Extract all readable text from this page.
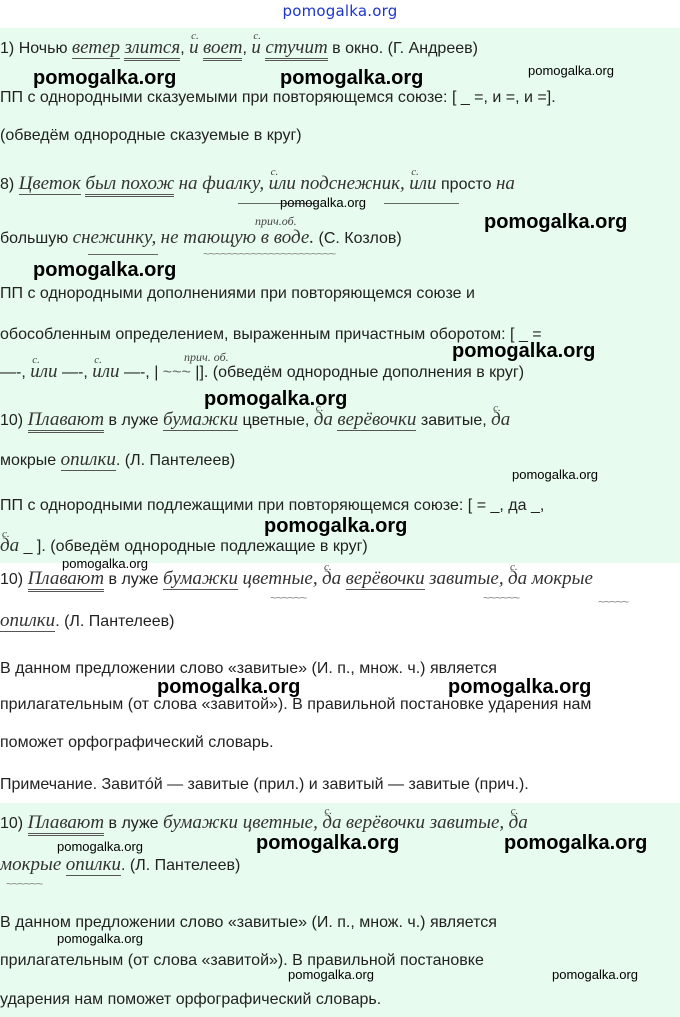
pomogalka.org
1) Ночью ветер злится, с. и воет, с. и стучит в окно. (Г. Андреев)
ПП с однородными сказуемыми при повторяющемся союзе: [ _ =, и =, и =].
(обведём однородные сказуемые в круг)
8) Цветок был похож на фиалку, с. или подснежник, с. или просто на
прич.об.
большую снежинку, не тающую в воде. (С. Козлов)
~~~~~~~~~~~~~~~~~~~~~~
ПП с однородными дополнениями при повторяющемся союзе и
обособленным определением, выраженным причастным оборотом: [ _ =
прич. об.
—-, с. или —-, с. или —-, | ~~~ |]. (обведём однородные дополнения в круг)
10) Плавают в луже бумажки цветные, с. да верёвочки завитые, с. да
мокрые опилки. (Л. Пантелеев)
ПП с однородными подлежащими при повторяющемся союзе: [ = _, да _,
с. да _ ]. (обведём однородные подлежащие в круг)
10) Плавают в луже бумажки цветные, с. да верёвочки завитые, с. да мокрые
~~~~~~	~~~~~~	~~~~~
опилки. (Л. Пантелеев)
В данном предложении слово «завитые» (И. п., множ. ч.) является
прилагательным (от слова «завитой»). В правильной постановке ударения нам
поможет орфографический словарь.
Примечание. Завитóй — завитые (прил.) и завитый — завитые (прич.).
10) Плавают в луже бумажки цветные, с. да верёвочки завитые, с. да
мокрые опилки. (Л. Пантелеев)
~~~~~~
В данном предложении слово «завитые» (И. п., множ. ч.) является
прилагательным (от слова «завитой»). В правильной постановке
ударения нам поможет орфографический словарь.
pomogalka.org	pomogalka.org	pomogalka.org
pomogalka.org
pomogalka.org
pomogalka.org
pomogalka.org
pomogalka.org
pomogalka.org
pomogalka.org
pomogalka.org
pomogalka.org	pomogalka.org
pomogalka.org	pomogalka.org	pomogalka.org
pomogalka.org
pomogalka.org	pomogalka.org
